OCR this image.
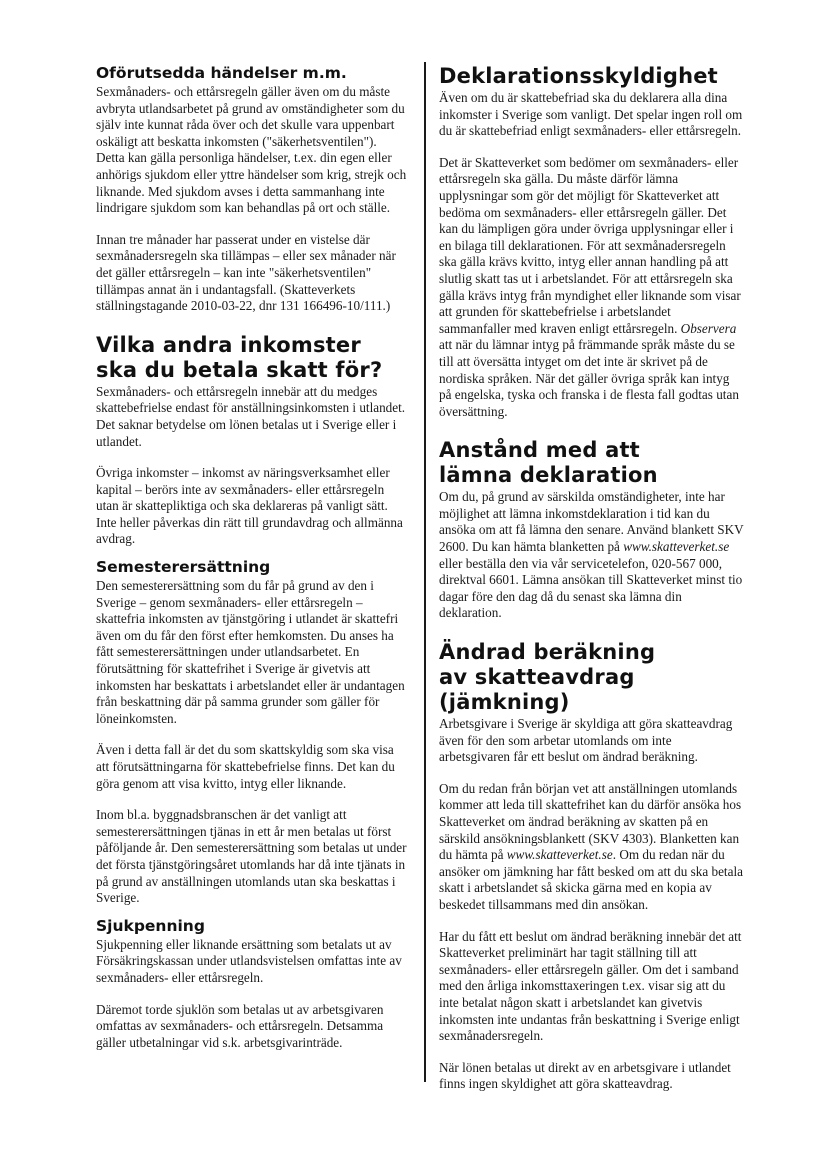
Oförutsedda händelser m.m.

Sexmånaders- och ettårsregeln gäller även om du måste avbryta utlandsarbetet på grund av omständigheter som du själv inte kunnat råda över och det skulle vara uppenbart oskäligt att beskatta inkomsten ("säkerhetsventilen"). Detta kan gälla personliga händelser, t.ex. din egen eller anhörigs sjukdom eller yttre händelser som krig, strejk och liknande. Med sjukdom avses i detta sammanhang inte lindrigare sjukdom som kan behandlas på ort och ställe.

Innan tre månader har passerat under en vistelse där sexmånadersregeln ska tillämpas – eller sex månader när det gäller ettårsregeln – kan inte "säkerhetsventilen" tillämpas annat än i undantagsfall. (Skatteverkets ställningstagande 2010-03-22, dnr 131 166496-10/111.)

Vilka andra inkomster
ska du betala skatt för?

Sexmånaders- och ettårsregeln innebär att du medges skattebefrielse endast för anställningsinkomsten i utlandet. Det saknar betydelse om lönen betalas ut i Sverige eller i utlandet.

Övriga inkomster – inkomst av näringsverksamhet eller kapital – berörs inte av sexmånaders- eller ettårsregeln utan är skattepliktiga och ska deklareras på vanligt sätt. Inte heller påverkas din rätt till grundavdrag och allmänna avdrag.

Semesterersättning

Den semesterersättning som du får på grund av den i Sverige – genom sexmånaders- eller ettårsregeln – skattefria inkomsten av tjänstgöring i utlandet är skattefri även om du får den först efter hemkomsten. Du anses ha fått semesterersättningen under utlandsarbetet. En förutsättning för skattefrihet i Sverige är givetvis att inkomsten har beskattats i arbetslandet eller är undantagen från beskattning där på samma grunder som gäller för löneinkomsten.

Även i detta fall är det du som skattskyldig som ska visa att förutsättningarna för skattebefrielse finns. Det kan du göra genom att visa kvitto, intyg eller liknande.

Inom bl.a. byggnadsbranschen är det vanligt att semesterersättningen tjänas in ett år men betalas ut först påföljande år. Den semesterersättning som betalas ut under det första tjänstgöringsåret utomlands har då inte tjänats in på grund av anställningen utomlands utan ska beskattas i Sverige.

Sjukpenning

Sjukpenning eller liknande ersättning som betalats ut av Försäkringskassan under utlandsvistelsen omfattas inte av sexmånaders- eller ettårsregeln.

Däremot torde sjuklön som betalas ut av arbetsgivaren omfattas av sexmånaders- och ettårsregeln. Detsamma gäller utbetalningar vid s.k. arbetsgivarinträde.

Deklarationsskyldighet

Även om du är skattebefriad ska du deklarera alla dina inkomster i Sverige som vanligt. Det spelar ingen roll om du är skattebefriad enligt sexmånaders- eller ettårsregeln.

Det är Skatteverket som bedömer om sexmånaders- eller ettårsregeln ska gälla. Du måste därför lämna upplysningar som gör det möjligt för Skatteverket att bedöma om sexmånaders- eller ettårsregeln gäller. Det kan du lämpligen göra under övriga upplysningar eller i en bilaga till deklarationen. För att sexmånadersregeln ska gälla krävs kvitto, intyg eller annan handling på att slutlig skatt tas ut i arbetslandet. För att ettårsregeln ska gälla krävs intyg från myndighet eller liknande som visar att grunden för skattebefrielse i arbetslandet sammanfaller med kraven enligt ettårsregeln. Observera att när du lämnar intyg på främmande språk måste du se till att översätta intyget om det inte är skrivet på de nordiska språken. När det gäller övriga språk kan intyg på engelska, tyska och franska i de flesta fall godtas utan översättning.

Anstånd med att
lämna deklaration

Om du, på grund av särskilda omständigheter, inte har möjlighet att lämna inkomstdeklaration i tid kan du ansöka om att få lämna den senare. Använd blankett SKV 2600. Du kan hämta blanketten på www.skatteverket.se eller beställa den via vår servicetelefon, 020-567 000, direktval 6601. Lämna ansökan till Skatteverket minst tio dagar före den dag då du senast ska lämna din deklaration.

Ändrad beräkning
av skatteavdrag (jämkning)

Arbetsgivare i Sverige är skyldiga att göra skatteavdrag även för den som arbetar utomlands om inte arbetsgivaren får ett beslut om ändrad beräkning.

Om du redan från början vet att anställningen utomlands kommer att leda till skattefrihet kan du därför ansöka hos Skatteverket om ändrad beräkning av skatten på en särskild ansökningsblankett (SKV 4303). Blanketten kan du hämta på www.skatteverket.se. Om du redan när du ansöker om jämkning har fått besked om att du ska betala skatt i arbetslandet så skicka gärna med en kopia av beskedet tillsammans med din ansökan.

Har du fått ett beslut om ändrad beräkning innebär det att Skatteverket preliminärt har tagit ställning till att sexmånaders- eller ettårsregeln gäller. Om det i samband med den årliga inkomsttaxeringen t.ex. visar sig att du inte betalat någon skatt i arbetslandet kan givetvis inkomsten inte undantas från beskattning i Sverige enligt sexmånadersregeln.

När lönen betalas ut direkt av en arbetsgivare i utlandet finns ingen skyldighet att göra skatteavdrag.
